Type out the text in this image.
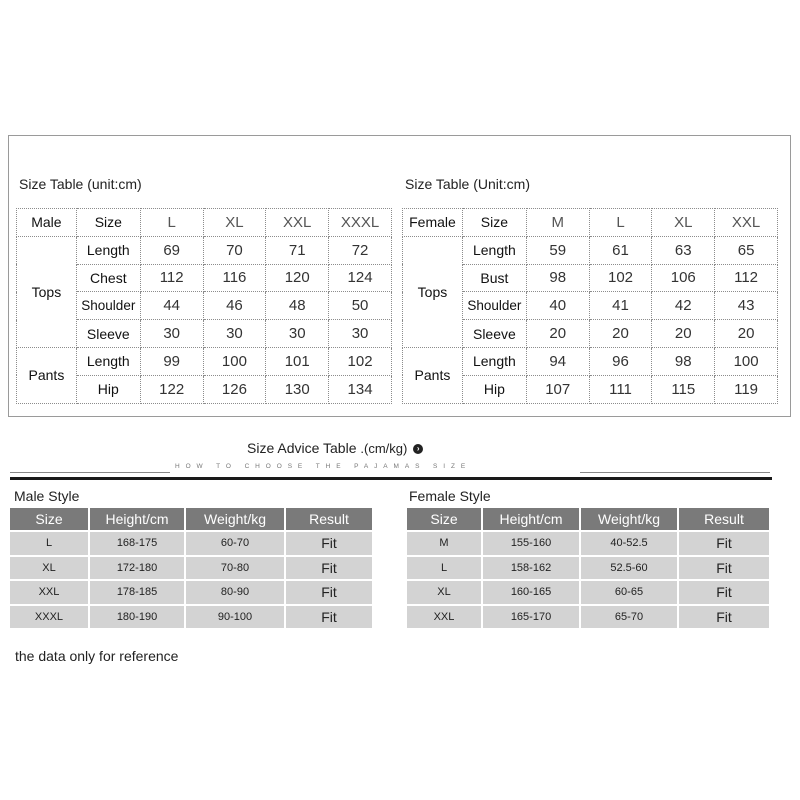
Size Table (unit:cm)
Male	Size	L	XL	XXL	XXXL
Tops	Length	69	70	71	72
	Chest	112	116	120	124
	Shoulder	44	46	48	50
	Sleeve	30	30	30	30
Pants	Length	99	100	101	102
	Hip	122	126	130	134
Size Table (Unit:cm)
Female	Size	M	L	XL	XXL
Tops	Length	59	61	63	65
	Bust	98	102	106	112
	Shoulder	40	41	42	43
	Sleeve	20	20	20	20
Pants	Length	94	96	98	100
	Hip	107	111	115	119
Size Advice Table .(cm/kg) ›
HOW TO CHOOSE THE PAJAMAS SIZE
Male Style
Size	Height/cm	Weight/kg	Result
L	168-175	60-70	Fit
XL	172-180	70-80	Fit
XXL	178-185	80-90	Fit
XXXL	180-190	90-100	Fit
Female Style
Size	Height/cm	Weight/kg	Result
M	155-160	40-52.5	Fit
L	158-162	52.5-60	Fit
XL	160-165	60-65	Fit
XXL	165-170	65-70	Fit
the data only for reference
